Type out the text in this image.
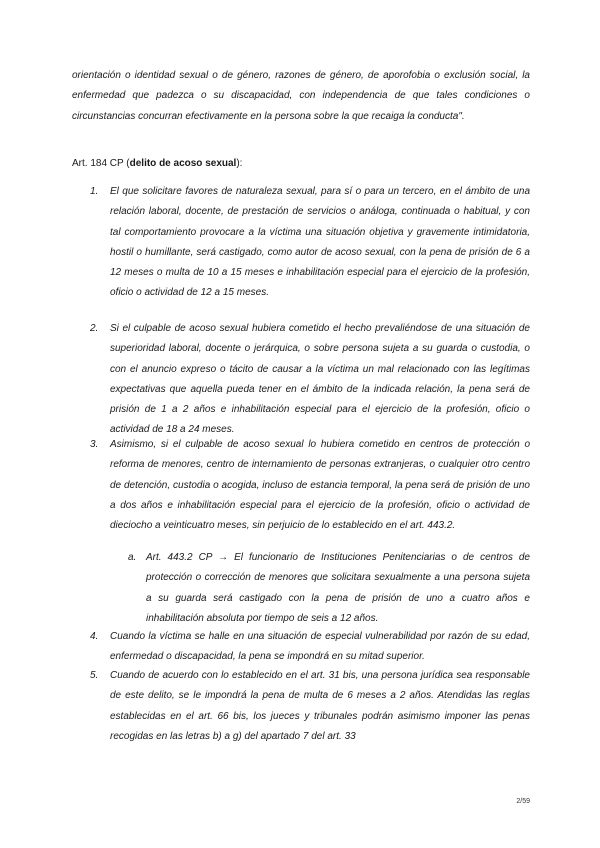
orientación o identidad sexual o de género, razones de género, de aporofobia o exclusión social, la enfermedad que padezca o su discapacidad, con independencia de que tales condiciones o circunstancias concurran efectivamente en la persona sobre la que recaiga la conducta".
Art. 184 CP (delito de acoso sexual):
1. El que solicitare favores de naturaleza sexual, para sí o para un tercero, en el ámbito de una relación laboral, docente, de prestación de servicios o análoga, continuada o habitual, y con tal comportamiento provocare a la víctima una situación objetiva y gravemente intimidatoria, hostil o humillante, será castigado, como autor de acoso sexual, con la pena de prisión de 6 a 12 meses o multa de 10 a 15 meses e inhabilitación especial para el ejercicio de la profesión, oficio o actividad de 12 a 15 meses.
2. Si el culpable de acoso sexual hubiera cometido el hecho prevaliéndose de una situación de superioridad laboral, docente o jerárquica, o sobre persona sujeta a su guarda o custodia, o con el anuncio expreso o tácito de causar a la víctima un mal relacionado con las legítimas expectativas que aquella pueda tener en el ámbito de la indicada relación, la pena será de prisión de 1 a 2 años e inhabilitación especial para el ejercicio de la profesión, oficio o actividad de 18 a 24 meses.
3. Asimismo, si el culpable de acoso sexual lo hubiera cometido en centros de protección o reforma de menores, centro de internamiento de personas extranjeras, o cualquier otro centro de detención, custodia o acogida, incluso de estancia temporal, la pena será de prisión de uno a dos años e inhabilitación especial para el ejercicio de la profesión, oficio o actividad de dieciocho a veinticuatro meses, sin perjuicio de lo establecido en el art. 443.2.
a. Art. 443.2 CP → El funcionario de Instituciones Penitenciarias o de centros de protección o corrección de menores que solicitara sexualmente a una persona sujeta a su guarda será castigado con la pena de prisión de uno a cuatro años e inhabilitación absoluta por tiempo de seis a 12 años.
4. Cuando la víctima se halle en una situación de especial vulnerabilidad por razón de su edad, enfermedad o discapacidad, la pena se impondrá en su mitad superior.
5. Cuando de acuerdo con lo establecido en el art. 31 bis, una persona jurídica sea responsable de este delito, se le impondrá la pena de multa de 6 meses a 2 años. Atendidas las reglas establecidas en el art. 66 bis, los jueces y tribunales podrán asimismo imponer las penas recogidas en las letras b) a g) del apartado 7 del art. 33
2/59
